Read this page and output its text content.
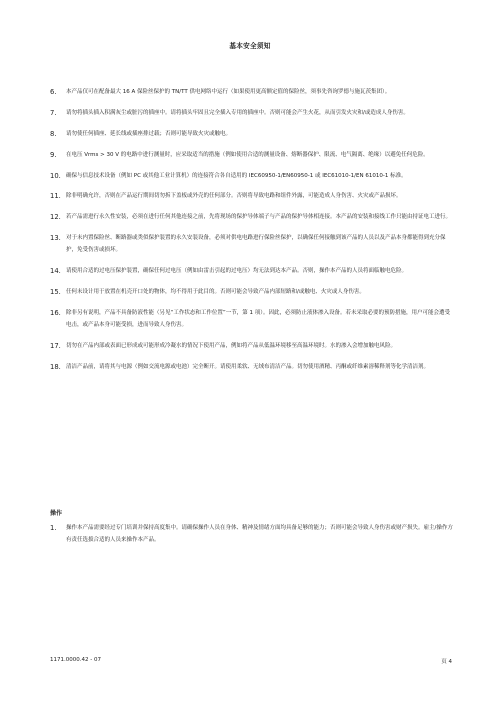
基本安全须知
6. 本产品仅可在配备最大 16 A 保险丝保护的 TN/TT 供电网络中运行（如果使用更高额定值的保险丝，须事先咨询罗德与施瓦茨集团）。
7. 请勿将插头插入积满灰尘或脏污的插座中。请将插头牢固且完全插入专用的插座中。否则可能会产生火花，从而引发火灾和/或造成人身伤害。
8. 请勿使任何插座、延长线或插座排过载；否则可能导致火灾或触电。
9. 在电压 Vrms > 30 V 的电路中进行测量时，应采取适当的措施（例如使用合适的测量设备、熔断器保护、限流、电气隔离、绝缘）以避免任何危险。
10. 确保与信息技术设备（例如 PC 或其他工业计算机）的连接符合各自适用的 IEC60950-1/EN60950-1 或 IEC61010-1/EN 61010-1 标准。
11. 除非明确允许，否则在产品运行期间切勿拆下盖板或外壳的任何部分。否则将导致电路和组件外露，可能造成人身伤害、火灾或产品损坏。
12. 若产品需进行永久性安装，必须在进行任何其他连接之前，先将现场的保护导体端子与产品的保护导体相连接。本产品的安装和接线工作只能由持证电工进行。
13. 对于未内置保险丝、断路器或类似保护装置的永久安装设备，必须对供电电路进行保险丝保护，以确保任何接触到该产品的人员以及产品本身都能得到充分保护，免受伤害或损坏。
14. 请使用合适的过电压保护装置，确保任何过电压（例如由雷击引起的过电压）均无法到达本产品。否则，操作本产品的人员将面临触电危险。
15. 任何未设计用于放置在机壳开口处的物体，均不得用于此目的。否则可能会导致产品内部短路和/或触电、火灾或人身伤害。
16. 除非另有说明，产品不具备防液性能（另见“工作状态和工作位置”一节，第 1 项）。因此，必须防止液体渗入设备。若未采取必要的预防措施，用户可能会遭受电击，或产品本身可能受损，进而导致人身伤害。
17. 切勿在产品内部或表面已形成或可能形成冷凝水的情况下使用产品，例如将产品从低温环境移至高温环境时。水的渗入会增加触电风险。
18. 清洁产品前，请将其与电源（例如交流电源或电池）完全断开。请使用柔软、无绒布清洁产品。切勿使用酒精、丙酮或纤维素溶稀释剂等化学清洁剂。
操作
1. 操作本产品需要经过专门培训并保持高度集中。请确保操作人员在身体、精神及情绪方面均具备足够的能力；否则可能会导致人身伤害或财产损失。雇主/操作方有责任选拔合适的人员来操作本产品。
1171.0000.42 - 07	页 4
